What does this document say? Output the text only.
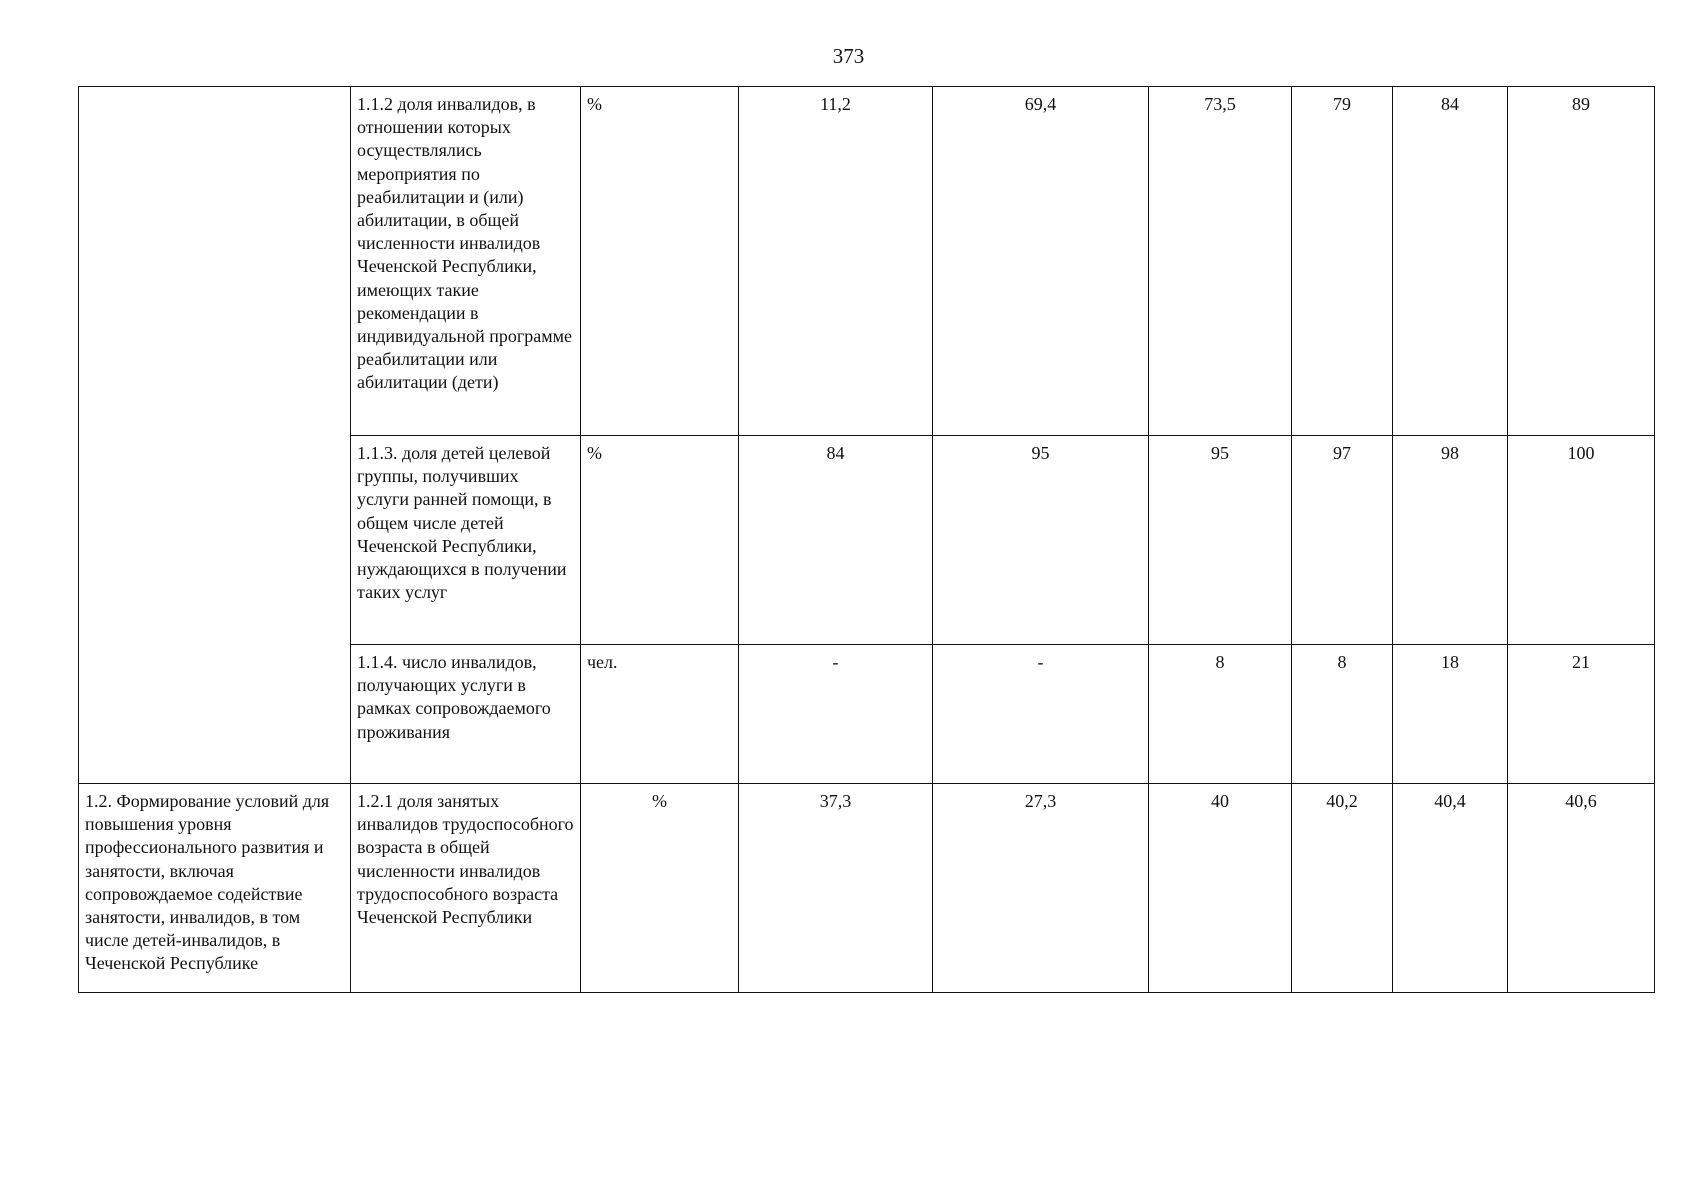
373
	1.1.2 доля инвалидов, в отношении которых осуществлялись мероприятия по реабилитации и (или) абилитации, в общей численности инвалидов Чеченской Республики, имеющих такие рекомендации в индивидуальной программе реабилитации или абилитации (дети)	%	11,2	69,4	73,5	79	84	89
	1.1.3. доля детей целевой группы, получивших услуги ранней помощи, в общем числе детей Чеченской Республики, нуждающихся в получении таких услуг	%	84	95	95	97	98	100
	1.1.4. число инвалидов, получающих услуги в рамках сопровождаемого проживания	чел.	-	-	8	8	18	21
1.2. Формирование условий для повышения уровня профессионального развития и занятости, включая сопровождаемое содействие занятости, инвалидов, в том числе детей-инвалидов, в Чеченской Республике	1.2.1 доля занятых инвалидов трудоспособного возраста в общей численности инвалидов трудоспособного возраста Чеченской Республики	%	37,3	27,3	40	40,2	40,4	40,6
